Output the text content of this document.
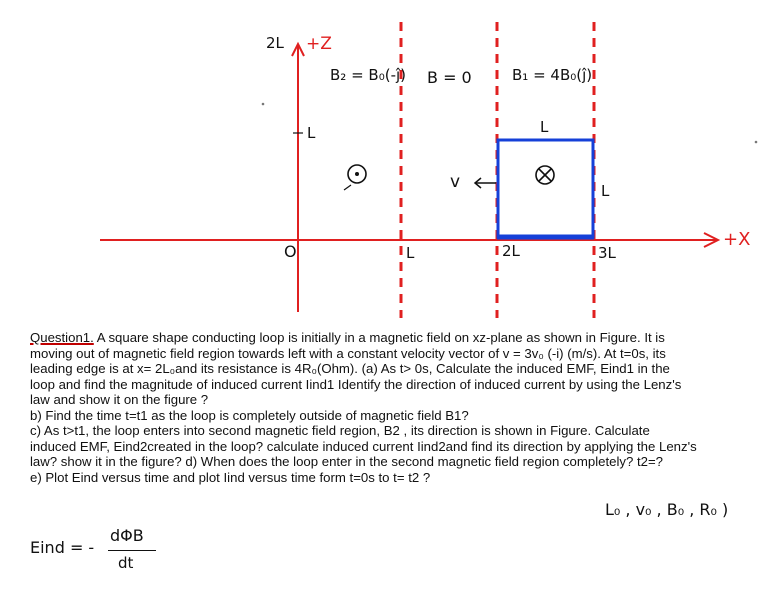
2L +Z
B₂ = B₀(-ĵ) B = 0	B₁ = 4B₀(ĵ)
L	L
L
v
O	L	2L	3L
+X

Question1. A square shape conducting loop is initially in a magnetic field on xz-plane as shown in Figure. It is

moving out of magnetic field region towards left with a constant velocity vector of v = 3v₀ (-i) (m/s). At t=0s, its

leading edge is at x= 2L₀and its resistance is 4R₀(Ohm). (a) As t> 0s, Calculate the induced EMF, Eind1 in the

loop and find the magnitude of induced current Iind1 Identify the direction of induced current by using the Lenz's

law and show it on the figure ?

b) Find the time t=t1 as the loop is completely outside of magnetic field B1?

c) As t>t1, the loop enters into second magnetic field region, B2 , its direction is shown in Figure. Calculate

induced EMF, Eind2created in the loop? calculate induced current Iind2and find its direction by applying the Lenz's

law? show it in the figure? d) When does the loop enter in the second magnetic field region completely? t2=?

e) Plot Eind versus time and plot Iind versus time form t=0s to t= t2 ?

Eind = -
dΦB
dt
L₀ , v₀ , B₀ , R₀ )
